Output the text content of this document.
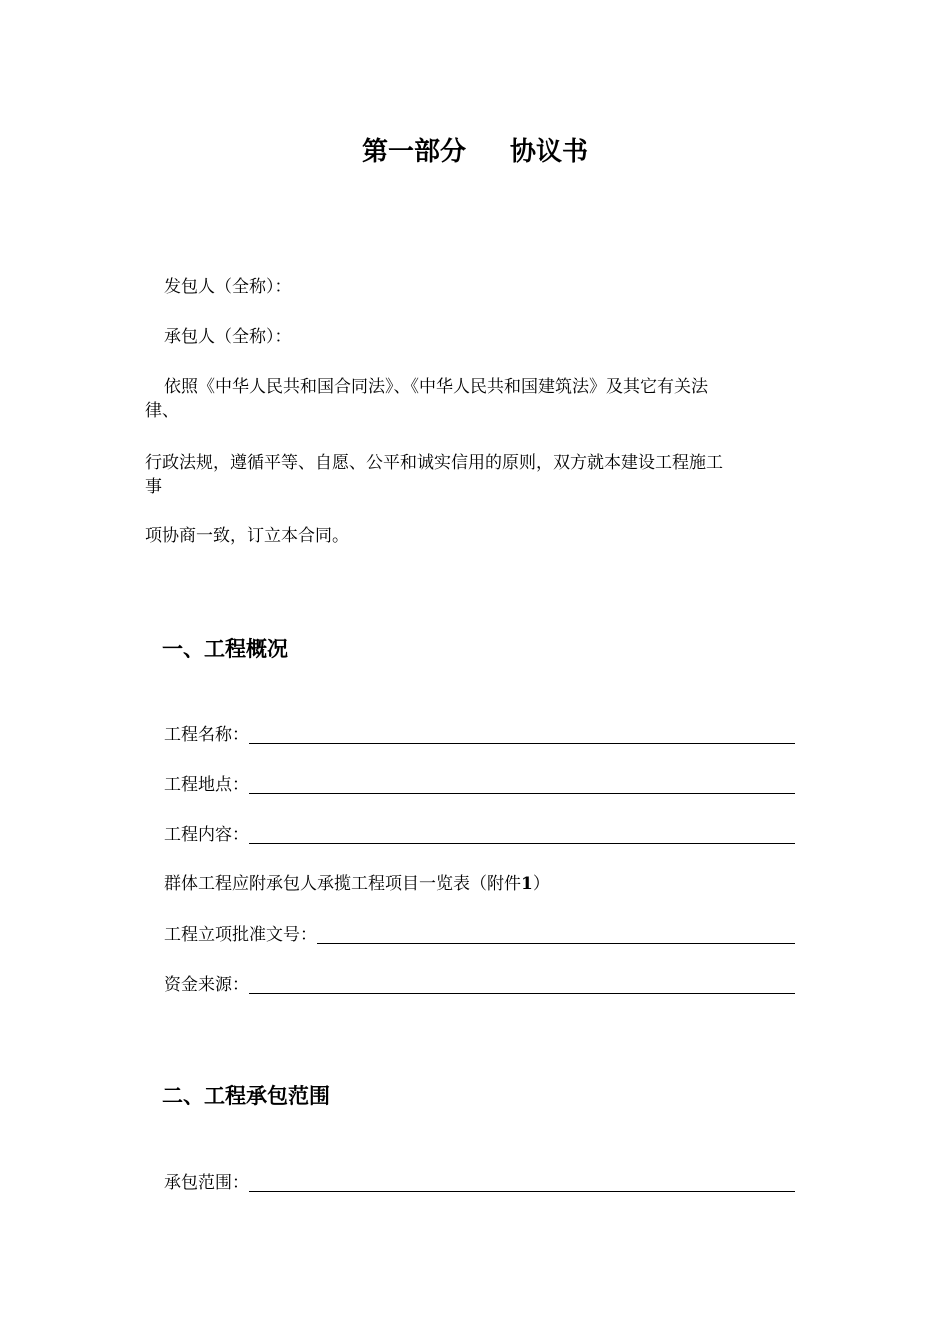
第一部分 协议书
发包人（全称）：
承包人（全称）：
依照《中华人民共和国合同法》、《中华人民共和国建筑法》及其它有关法
律、
行政法规，遵循平等、自愿、公平和诚实信用的原则，双方就本建设工程施工
事
项协商一致，订立本合同。
一、工程概况
工程名称：
工程地点：
工程内容：
群体工程应附承包人承揽工程项目一览表（附件1）
工程立项批准文号：
资金来源：
二、工程承包范围
承包范围：
